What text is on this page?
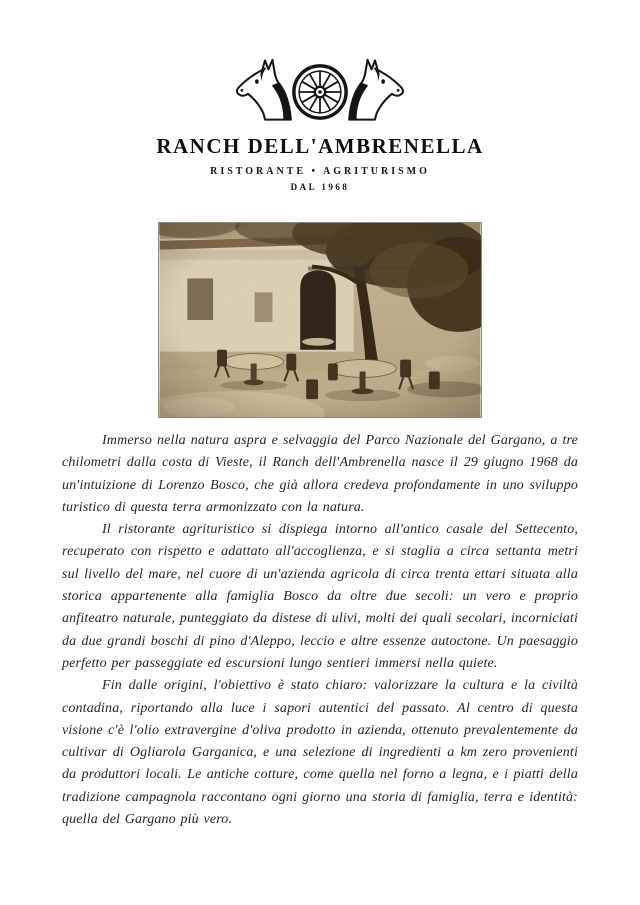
RANCH DELL'AMBRENELLA
RISTORANTE • AGRITURISMO
DAL 1968

Immerso nella natura aspra e selvaggia del Parco Nazionale del Gargano, a tre chilometri dalla costa di Vieste, il Ranch dell'Ambrenella nasce il 29 giugno 1968 da un'intuizione di Lorenzo Bosco, che già allora credeva profondamente in uno sviluppo turistico di questa terra armonizzato con la natura.

Il ristorante agrituristico si dispiega intorno all'antico casale del Settecento, recuperato con rispetto e adattato all'accoglienza, e si staglia a circa settanta metri sul livello del mare, nel cuore di un'azienda agricola di circa trenta ettari situata alla storica appartenente alla famiglia Bosco da oltre due secoli: un vero e proprio anfiteatro naturale, punteggiato da distese di ulivi, molti dei quali secolari, incorniciati da due grandi boschi di pino d'Aleppo, leccio e altre essenze autoctone. Un paesaggio perfetto per passeggiate ed escursioni lungo sentieri immersi nella quiete.

Fin dalle origini, l'obiettivo è stato chiaro: valorizzare la cultura e la civiltà contadina, riportando alla luce i sapori autentici del passato. Al centro di questa visione c'è l'olio extravergine d'oliva prodotto in azienda, ottenuto prevalentemente da cultivar di Ogliarola Garganica, e una selezione di ingredienti a km zero provenienti da produttori locali. Le antiche cotture, come quella nel forno a legna, e i piatti della tradizione campagnola raccontano ogni giorno una storia di famiglia, terra e identità: quella del Gargano più vero.
